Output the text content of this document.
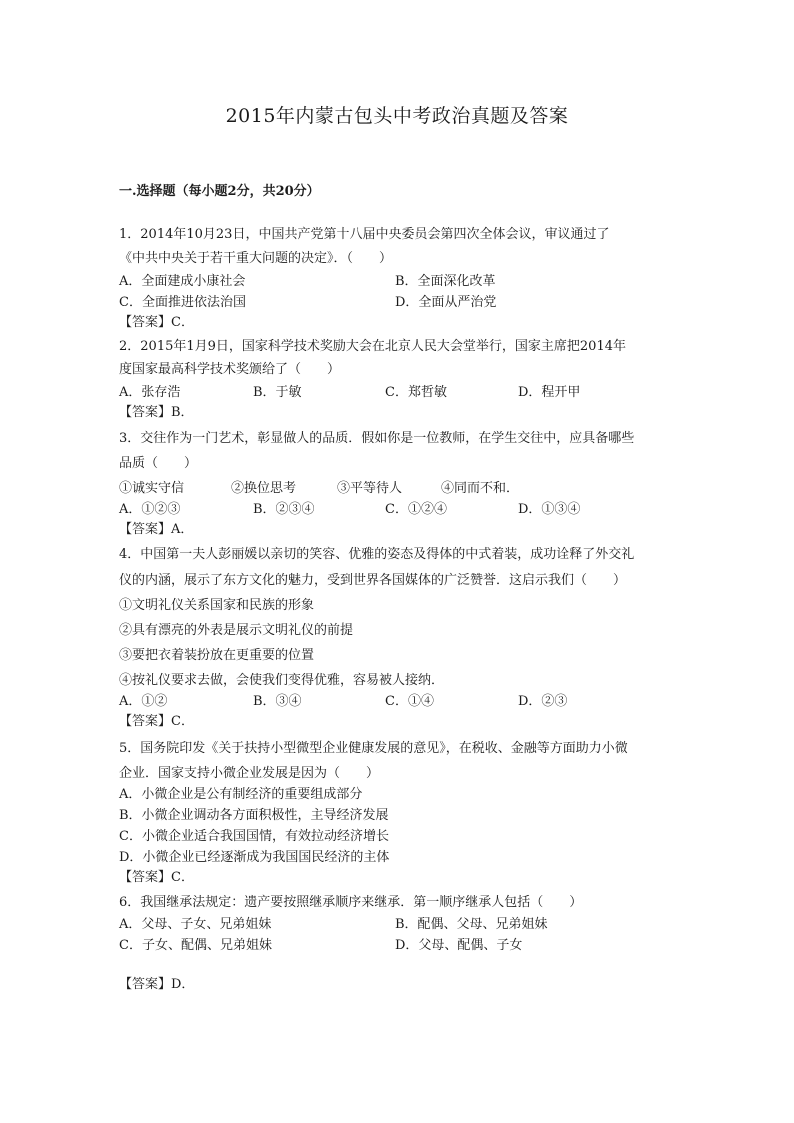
2015年内蒙古包头中考政治真题及答案
一.选择题（每小题2分，共20分）
1．2014年10月23日，中国共产党第十八届中央委员会第四次全体会议，审议通过了
《中共中央关于若干重大问题的决定》．（　　）
A．全面建成小康社会	B．全面深化改革
C．全面推进依法治国	D．全面从严治党
【答案】C．
2．2015年1月9日，国家科学技术奖励大会在北京人民大会堂举行，国家主席把2014年
度国家最高科学技术奖颁给了（　　）
A．张存浩	B．于敏	C．郑哲敏	D．程开甲
【答案】B．
3．交往作为一门艺术，彰显做人的品质．假如你是一位教师，在学生交往中，应具备哪些
品质（　　）
①诚实守信	②换位思考	③平等待人	④同而不和．
A．①②③	B．②③④	C．①②④	D．①③④
【答案】A．
4．中国第一夫人彭丽媛以亲切的笑容、优雅的姿态及得体的中式着装，成功诠释了外交礼
仪的内涵，展示了东方文化的魅力，受到世界各国媒体的广泛赞誉．这启示我们（　　）
①文明礼仪关系国家和民族的形象
②具有漂亮的外表是展示文明礼仪的前提
③要把衣着装扮放在更重要的位置
④按礼仪要求去做，会使我们变得优雅，容易被人接纳．
A．①②	B．③④	C．①④	D．②③
【答案】C．
5．国务院印发《关于扶持小型微型企业健康发展的意见》，在税收、金融等方面助力小微
企业．国家支持小微企业发展是因为（　　）
A．小微企业是公有制经济的重要组成部分
B．小微企业调动各方面积极性，主导经济发展
C．小微企业适合我国国情，有效拉动经济增长
D．小微企业已经逐渐成为我国国民经济的主体
【答案】C．
6．我国继承法规定：遗产要按照继承顺序来继承．第一顺序继承人包括（　　）
A．父母、子女、兄弟姐妹	B．配偶、父母、兄弟姐妹
C．子女、配偶、兄弟姐妹	D．父母、配偶、子女
【答案】D．
